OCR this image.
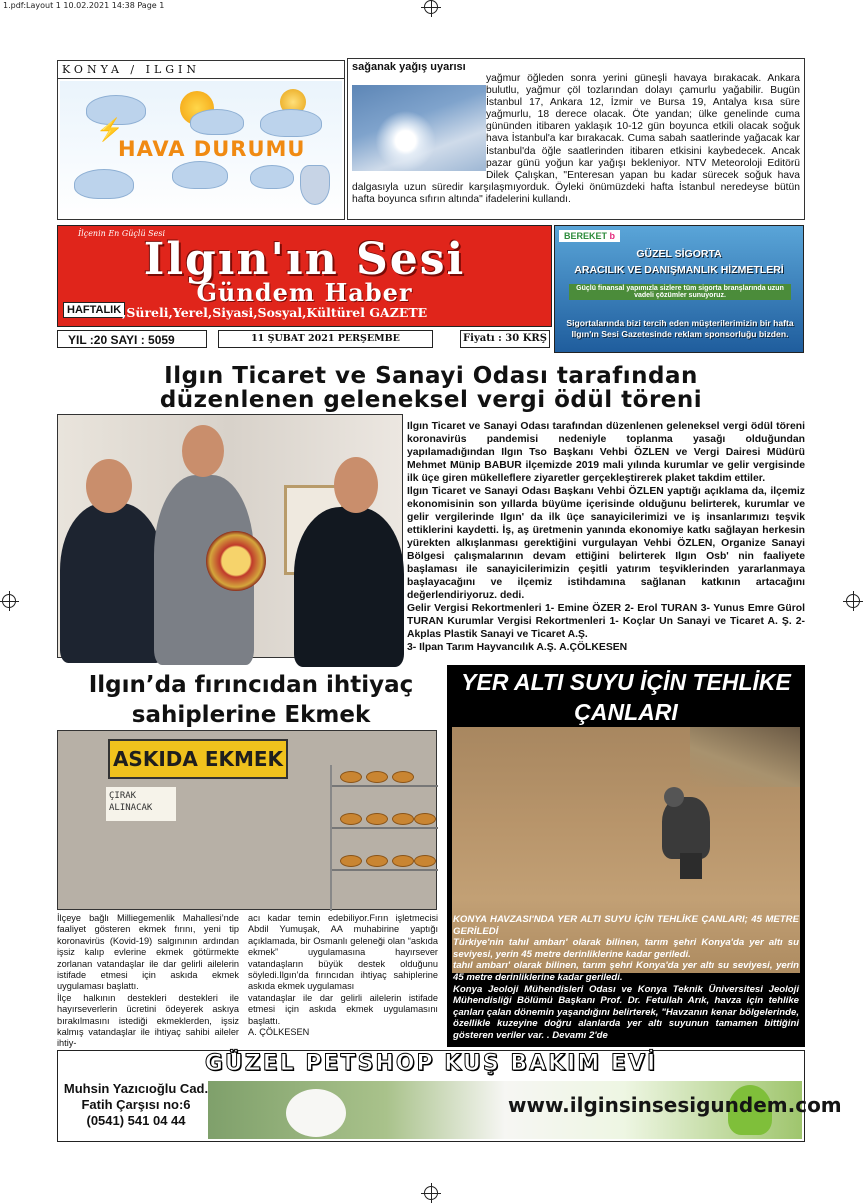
1.pdf:Layout 1 10.02.2021 14:38 Page 1
KONYA / ILGIN
⚡
HAVA DURUMU
sağanak yağış uyarısı
yağmur öğleden sonra yerini güneşli havaya bırakacak. Ankara bulutlu, yağmur çöl tozlarından dolayı çamurlu yağabilir. Bugün İstanbul 17, Ankara 12, İzmir ve Bursa 19, Antalya kısa süre yağmurlu, 18 derece olacak. Öte yandan; ülke genelinde cuma gününden itibaren yaklaşık 10-12 gün boyunca etkili olacak soğuk hava İstanbul'a kar bırakacak. Cuma sabah saatlerinde yağacak kar İstanbul'da öğle saatlerinden itibaren etkisini kaybedecek. Ancak pazar günü yoğun kar yağışı bekleniyor. NTV Meteoroloji Editörü Dilek Çalışkan, "Enteresan yapan bu kadar sürecek soğuk hava dalgasıyla uzun süredir karşılaşmıyorduk. Öyleki önümüzdeki hafta İstanbul neredeyse bütün hafta boyunca sıfırın altında" ifadelerini kullandı.
İlçenin En Güçlü Sesi
Ilgın'ın Sesi
Gündem Haber
HAFTALIK ,Süreli,Yerel,Siyasi,Sosyal,Kültürel GAZETE
YIL :20 SAYI : 5059	11 ŞUBAT 2021 PERŞEMBE	Fiyatı : 30 KRŞ
BEREKET b
GÜZEL SİGORTA
ARACILIK VE DANIŞMANLIK HİZMETLERİ
Güçlü finansal yapımızla sizlere tüm sigorta branşlarında uzun vadeli çözümler sunuyoruz.
Sigortalarında bizi tercih eden müşterilerimizin bir hafta Ilgın'ın Sesi Gazetesinde reklam sponsorluğu bizden.
Ilgın Ticaret ve Sanayi Odası tarafından
düzenlenen geleneksel vergi ödül töreni

Ilgın Ticaret ve Sanayi Odası tarafından düzenlenen geleneksel vergi ödül töreni koronavirüs pandemisi nedeniyle toplanma yasağı olduğundan yapılamadığından Ilgın Tso Başkanı Vehbi ÖZLEN ve Vergi Dairesi Müdürü Mehmet Münip BABUR ilçemizde 2019 mali yılında kurumlar ve gelir vergisinde ilk üçe giren mükelleflere ziyaretler gerçekleştirerek plaket takdim ettiler.

Ilgın Ticaret ve Sanayi Odası Başkanı Vehbi ÖZLEN yaptığı açıklama da, ilçemiz ekonomisinin son yıllarda büyüme içerisinde olduğunu belirterek, kurumlar ve gelir vergilerinde Ilgın' da ilk üçe sanayicilerimizi ve iş insanlarımızı teşvik ettiklerini kaydetti. İş, aş üretmenin yanında ekonomiye katkı sağlayan herkesin yürekten alkışlanması gerektiğini vurgulayan Vehbi ÖZLEN, Organize Sanayi Bölgesi çalışmalarının devam ettiğini belirterek Ilgın Osb' nin faaliyete başlaması ile sanayicilerimizin çeşitli yatırım teşviklerinden yararlanmaya başlayacağını ve ilçemiz istihdamına sağlanan katkının artacağını değerlendiriyoruz. dedi.

Gelir Vergisi Rekortmenleri 1- Emine ÖZER 2- Erol TURAN 3- Yunus Emre Gürol TURAN Kurumlar Vergisi Rekortmenleri 1- Koçlar Un Sanayi ve Ticaret A. Ş. 2- Akplas Plastik Sanayi ve Ticaret A.Ş.

3- Ilpan Tarım Hayvancılık A.Ş. A.ÇÖLKESEN

Ilgın’da fırıncıdan ihtiyaç
sahiplerine Ekmek
ASKIDA EKMEK
ÇIRAK
ALINACAK
İlçeye bağlı Milliegemenlik Mahallesi’nde faaliyet gösteren ekmek fırını, yeni tip koronavirüs (Kovid-19) salgınının ardından işsiz kalıp evlerine ekmek götürmekte zorlanan vatandaşlar ile dar gelirli ailelerin istifade etmesi için askıda ekmek uygulaması başlattı.
İlçe halkının destekleri destekleri ile hayırseverlerin ücretini ödeyerek askıya bırakılmasını istediği ekmeklerden, işsiz kalmış vatandaşlar ile ihtiyaç sahibi aileler ihtiy-
acı kadar temin edebiliyor.Fırın işletmecisi Abdil Yumuşak, AA muhabirine yaptığı açıklamada, bir Osmanlı geleneği olan “askıda ekmek” uygulamasına hayırsever vatandaşların büyük destek olduğunu söyledi.Ilgın’da fırıncıdan ihtiyaç sahiplerine askıda ekmek uygulaması
vatandaşlar ile dar gelirli ailelerin istifade etmesi için askıda ekmek uygulamasını başlattı.
A. ÇÖLKESEN
YER ALTI SUYU İÇİN TEHLİKE ÇANLARI

KONYA HAVZASI'NDA YER ALTI SUYU İÇİN TEHLİKE ÇANLARI; 45 METRE GERİLEDİ

Türkiye'nin tahıl ambarı' olarak bilinen, tarım şehri Konya'da yer altı su seviyesi, yerin 45 metre derinliklerine kadar geriledi.

tahıl ambarı' olarak bilinen, tarım şehri Konya'da yer altı su seviyesi, yerin 45 metre derinliklerine kadar geriledi.

Konya Jeoloji Mühendisleri Odası ve Konya Teknik Üniversitesi Jeoloji Mühendisliği Bölümü Başkanı Prof. Dr. Fetullah Arık, havza için tehlike çanları çalan dönemin yaşandığını belirterek, "Havzanın kenar bölgelerinde, özellikle kuzeyine doğru alanlarda yer altı suyunun tamamen bittiğini gösteren veriler var. . Devamı 2'de

GÜZEL PETSHOP KUŞ BAKIM EVİ
Muhsin Yazıcıoğlu Cad.
Fatih Çarşısı no:6
(0541) 541 04 44
www.ilginsinsesigundem.com
